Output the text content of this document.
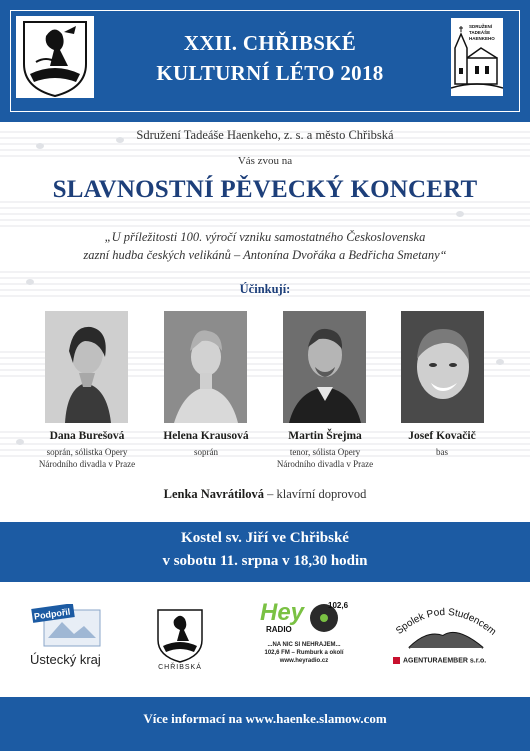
XXII. CHŘIBSKÉ
KULTURNÍ LÉTO 2018
SDRUŽENÍ
TADEÁŠE
HAENKEHO
Sdružení Tadeáše Haenkeho, z. s. a město Chřibská
Vás zvou na
SLAVNOSTNÍ PĚVECKÝ KONCERT
„U příležitosti 100. výročí vzniku samostatného Československa
zazní hudba českých velikánů – Antonína Dvořáka a Bedřicha Smetany“
Účinkují:
Dana Burešová
soprán, sólistka Opery
Národního divadla v Praze
Helena Krausová
soprán
Martin Šrejma
tenor, sólista Opery
Národního divadla v Praze
Josef Kovačič
bas
Lenka Navrátilová – klavírní doprovod
Kostel sv. Jiří ve Chřibské
v sobotu 11. srpna v 18,30 hodin
Podpořil
Ústecký kraj
CHŘIBSKÁ
Hey	102,6
RADIO
...NA NIC SI NEHRAJEM...
102,6 FM – Rumburk a okolí
www.heyradio.cz
Spolek Pod Studencem
AGENTURAEMBER s.r.o.
Více informací na www.haenke.slamow.com
